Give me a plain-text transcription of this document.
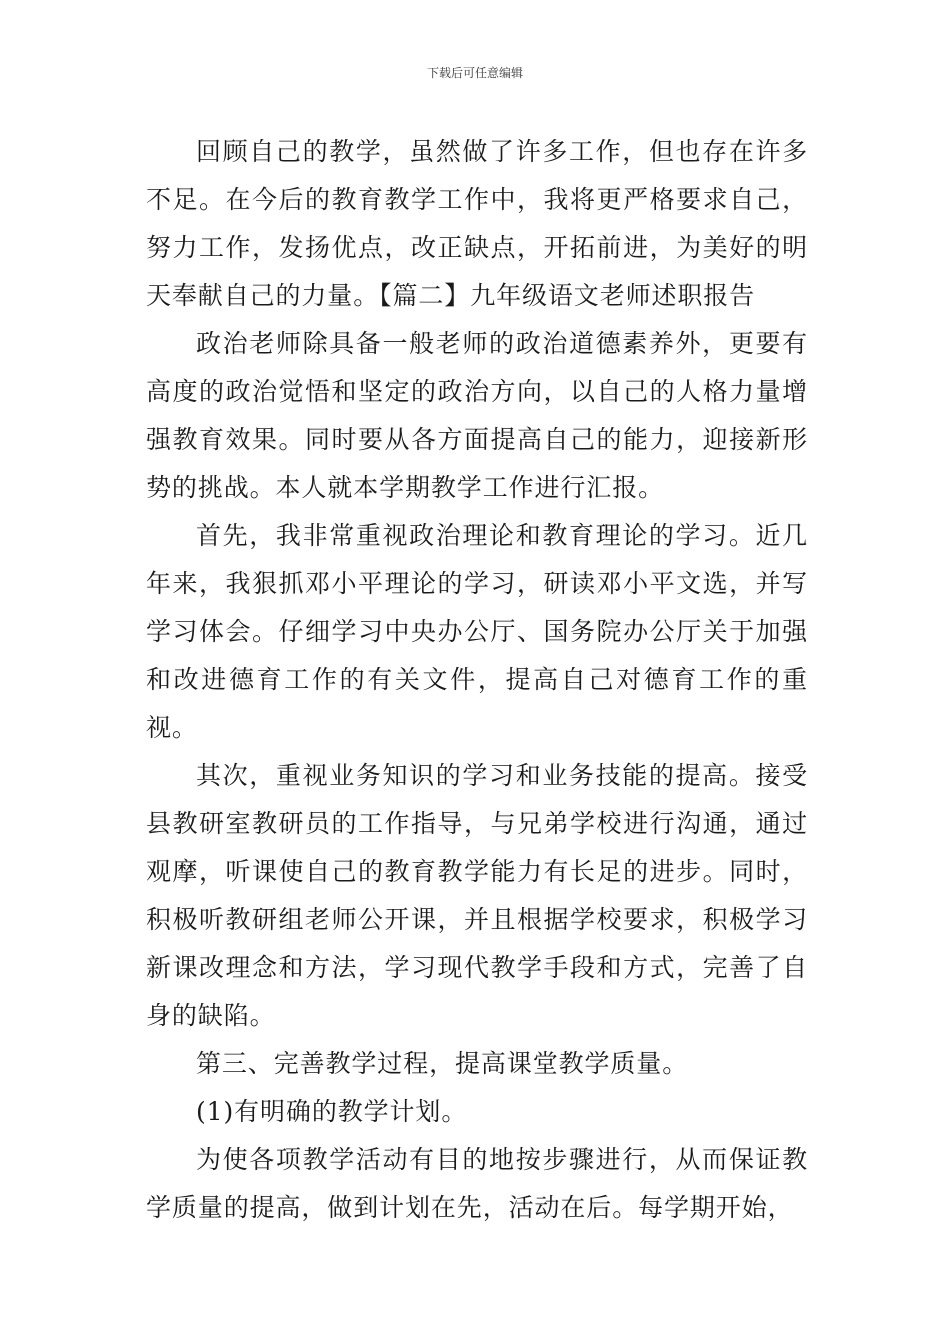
下载后可任意编辑

回顾自己的教学，虽然做了许多工作，但也存在许多不足。在今后的教育教学工作中，我将更严格要求自己，努力工作，发扬优点，改正缺点，开拓前进，为美好的明天奉献自己的力量。【篇二】九年级语文老师述职报告

政治老师除具备一般老师的政治道德素养外，更要有高度的政治觉悟和坚定的政治方向，以自己的人格力量增强教育效果。同时要从各方面提高自己的能力，迎接新形势的挑战。本人就本学期教学工作进行汇报。

首先，我非常重视政治理论和教育理论的学习。近几年来，我狠抓邓小平理论的学习，研读邓小平文选，并写学习体会。仔细学习中央办公厅、国务院办公厅关于加强和改进德育工作的有关文件，提高自己对德育工作的重视。

其次，重视业务知识的学习和业务技能的提高。接受县教研室教研员的工作指导，与兄弟学校进行沟通，通过观摩，听课使自己的教育教学能力有长足的进步。同时，积极听教研组老师公开课，并且根据学校要求，积极学习新课改理念和方法，学习现代教学手段和方式，完善了自身的缺陷。

第三、完善教学过程，提高课堂教学质量。

(1)有明确的教学计划。

为使各项教学活动有目的地按步骤进行，从而保证教学质量的提高，做到计划在先，活动在后。每学期开始，
